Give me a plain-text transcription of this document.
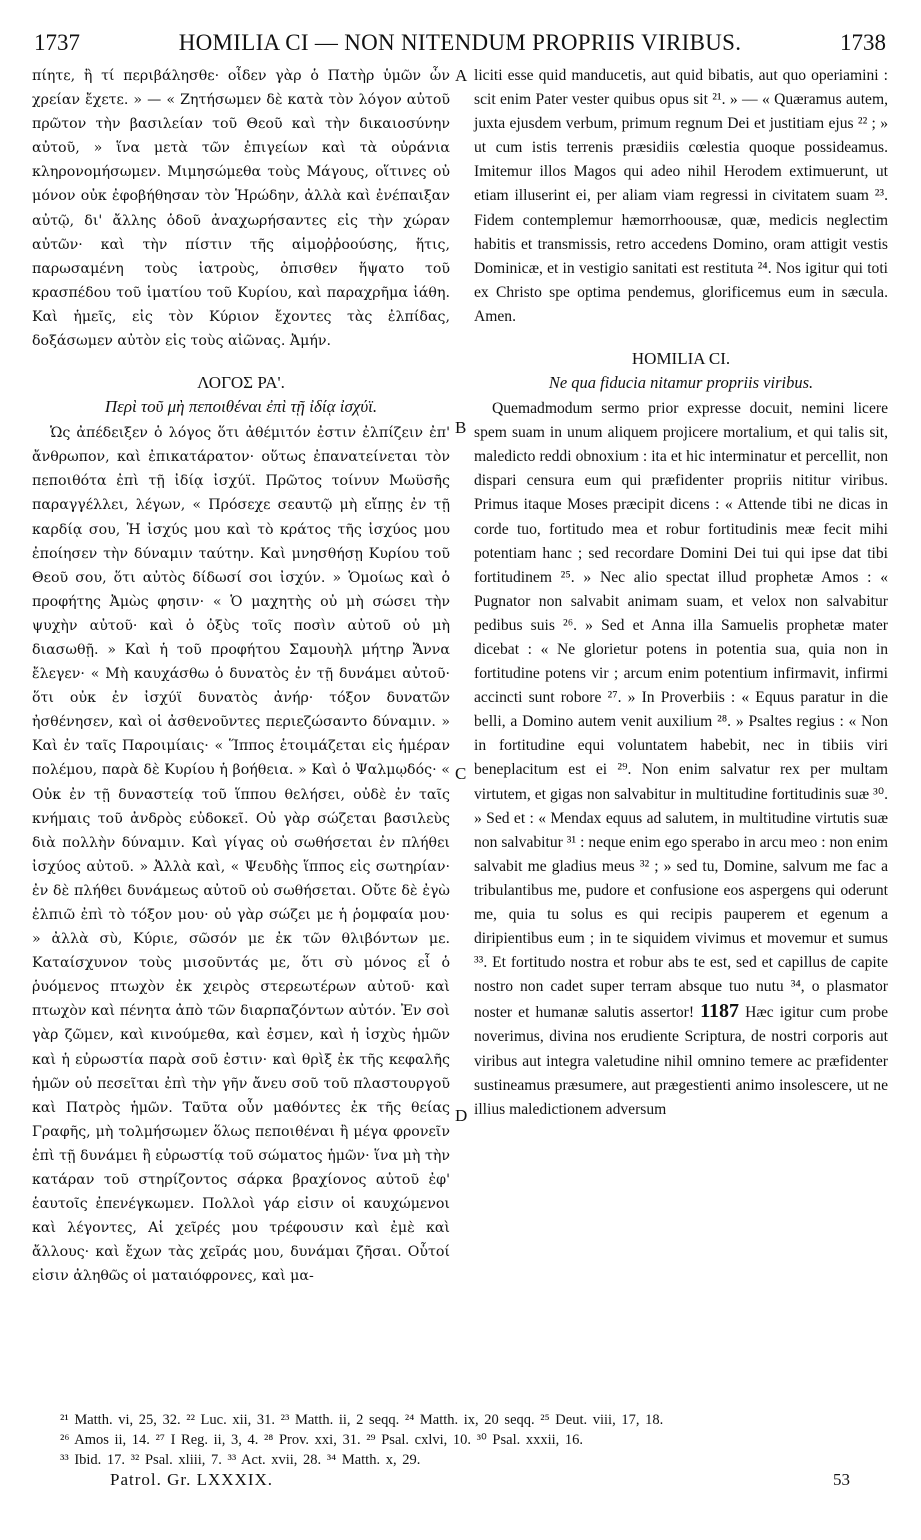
1737	HOMILIA CI — NON NITENDUM PROPRIIS VIRIBUS.	1738
A
B
C
D

πίητε, ἢ τί περιβάλησθε· οἶδεν γὰρ ὁ Πατὴρ ὑμῶν ὧν χρείαν ἔχετε. » — « Ζητήσωμεν δὲ κατὰ τὸν λόγον αὐτοῦ πρῶτον τὴν βασιλείαν τοῦ Θεοῦ καὶ τὴν δικαιοσύνην αὐτοῦ, » ἵνα μετὰ τῶν ἐπιγείων καὶ τὰ οὐράνια κληρονομήσωμεν. Μιμησώμεθα τοὺς Μάγους, οἵτινες οὐ μόνον οὐκ ἐφοβήθησαν τὸν Ἡρώδην, ἀλλὰ καὶ ἐνέπαιξαν αὐτῷ, δι' ἄλλης ὁδοῦ ἀναχωρήσαντες εἰς τὴν χώραν αὐτῶν· καὶ τὴν πίστιν τῆς αἱμοῤῥοούσης, ἥτις, παρωσαμένη τοὺς ἰατροὺς, ὀπισθεν ἥψατο τοῦ κρασπέδου τοῦ ἱματίου τοῦ Κυρίου, καὶ παραχρῆμα ἰάθη. Καὶ ἡμεῖς, εἰς τὸν Κύριον ἔχοντες τὰς ἐλπίδας, δοξάσωμεν αὐτὸν εἰς τοὺς αἰῶνας. Ἀμήν.

ΛΟΓΟΣ ΡΑ'.
Περὶ τοῦ μὴ πεποιθέναι ἐπὶ τῇ ἰδίᾳ ἰσχύϊ.

Ὡς ἀπέδειξεν ὁ λόγος ὅτι ἀθέμιτόν ἐστιν ἐλπίζειν ἐπ' ἄνθρωπον, καὶ ἐπικατάρατον· οὕτως ἐπανατείνεται τὸν πεποιθότα ἐπὶ τῇ ἰδίᾳ ἰσχύϊ. Πρῶτος τοίνυν Μωϋσῆς παραγγέλλει, λέγων, « Πρόσεχε σεαυτῷ μὴ εἴπῃς ἐν τῇ καρδίᾳ σου, Ἡ ἰσχύς μου καὶ τὸ κράτος τῆς ἰσχύος μου ἐποίησεν τὴν δύναμιν ταύτην. Καὶ μνησθήσῃ Κυρίου τοῦ Θεοῦ σου, ὅτι αὐτὸς δίδωσί σοι ἰσχύν. » Ὁμοίως καὶ ὁ προφήτης Ἀμὼς φησιν· « Ὁ μαχητὴς οὐ μὴ σώσει τὴν ψυχὴν αὐτοῦ· καὶ ὁ ὀξὺς τοῖς ποσὶν αὐτοῦ οὐ μὴ διασωθῇ. » Καὶ ἡ τοῦ προφήτου Σαμουὴλ μήτηρ Ἄννα ἔλεγεν· « Μὴ καυχάσθω ὁ δυνατὸς ἐν τῇ δυνάμει αὐτοῦ· ὅτι οὐκ ἐν ἰσχύϊ δυνατὸς ἀνήρ· τόξον δυνατῶν ἠσθένησεν, καὶ οἱ ἀσθενοῦντες περιεζώσαντο δύναμιν. » Καὶ ἐν ταῖς Παροιμίαις· « Ἵππος ἑτοιμάζεται εἰς ἡμέραν πολέμου, παρὰ δὲ Κυρίου ἡ βοήθεια. » Καὶ ὁ Ψαλμῳδός· « Οὐκ ἐν τῇ δυναστείᾳ τοῦ ἵππου θελήσει, οὐδὲ ἐν ταῖς κνήμαις τοῦ ἀνδρὸς εὐδοκεῖ. Οὐ γὰρ σώζεται βασιλεὺς διὰ πολλὴν δύναμιν. Καὶ γίγας οὐ σωθήσεται ἐν πλήθει ἰσχύος αὐτοῦ. » Ἀλλὰ καὶ, « Ψευδὴς ἵππος εἰς σωτηρίαν· ἐν δὲ πλήθει δυνάμεως αὐτοῦ οὐ σωθήσεται. Οὔτε δὲ ἐγὼ ἐλπιῶ ἐπὶ τὸ τόξον μου· οὐ γὰρ σώζει με ἡ ῥομφαία μου· » ἀλλὰ σὺ, Κύριε, σῶσόν με ἐκ τῶν θλιβόντων με. Καταίσχυνον τοὺς μισοῦντάς με, ὅτι σὺ μόνος εἶ ὁ ῥυόμενος πτωχὸν ἐκ χειρὸς στερεωτέρων αὐτοῦ· καὶ πτωχὸν καὶ πένητα ἀπὸ τῶν διαρπαζόντων αὐτόν. Ἐν σοὶ γὰρ ζῶμεν, καὶ κινούμεθα, καὶ ἐσμεν, καὶ ἡ ἰσχὺς ἡμῶν καὶ ἡ εὐρωστία παρὰ σοῦ ἐστιν· καὶ θρὶξ ἐκ τῆς κεφαλῆς ἡμῶν οὐ πεσεῖται ἐπὶ τὴν γῆν ἄνευ σοῦ τοῦ πλαστουργοῦ καὶ Πατρὸς ἡμῶν. Ταῦτα οὖν μαθόντες ἐκ τῆς θείας Γραφῆς, μὴ τολμήσωμεν ὅλως πεποιθέναι ἢ μέγα φρονεῖν ἐπὶ τῇ δυνάμει ἢ εὐρωστίᾳ τοῦ σώματος ἡμῶν· ἵνα μὴ τὴν κατάραν τοῦ στηρίζοντος σάρκα βραχίονος αὐτοῦ ἐφ' ἑαυτοῖς ἐπενέγκωμεν. Πολλοὶ γάρ εἰσιν οἱ καυχώμενοι καὶ λέγοντες, Αἱ χεῖρές μου τρέφουσιν καὶ ἐμὲ καὶ ἄλλους· καὶ ἔχων τὰς χεῖράς μου, δυνάμαι ζῆσαι. Οὗτοί εἰσιν ἀληθῶς οἱ ματαιόφρονες, καὶ μα-

liciti esse quid manducetis, aut quid bibatis, aut quo operiamini : scit enim Pater vester quibus opus sit ²¹. » — « Quæramus autem, juxta ejusdem verbum, primum regnum Dei et justitiam ejus ²² ; » ut cum istis terrenis præsidiis cœlestia quoque possideamus. Imitemur illos Magos qui adeo nihil Herodem extimuerunt, ut etiam illuserint ei, per aliam viam regressi in civitatem suam ²³. Fidem contemplemur hæmorrhoousæ, quæ, medicis neglectim habitis et transmissis, retro accedens Domino, oram attigit vestis Dominicæ, et in vestigio sanitati est restituta ²⁴. Nos igitur qui toti ex Christo spe optima pendemus, glorificemus eum in sæcula. Amen.

HOMILIA CI.
Ne qua fiducia nitamur propriis viribus.

Quemadmodum sermo prior expresse docuit, nemini licere spem suam in unum aliquem projicere mortalium, et qui talis sit, maledicto reddi obnoxium : ita et hic interminatur et percellit, non dispari censura eum qui præfidenter propriis nititur viribus. Primus itaque Moses præcipit dicens : « Attende tibi ne dicas in corde tuo, fortitudo mea et robur fortitudinis meæ fecit mihi potentiam hanc ; sed recordare Domini Dei tui qui ipse dat tibi fortitudinem ²⁵. » Nec alio spectat illud prophetæ Amos : « Pugnator non salvabit animam suam, et velox non salvabitur pedibus suis ²⁶. » Sed et Anna illa Samuelis prophetæ mater dicebat : « Ne glorietur potens in potentia sua, quia non in fortitudine potens vir ; arcum enim potentium infirmavit, infirmi accincti sunt robore ²⁷. » In Proverbiis : « Equus paratur in die belli, a Domino autem venit auxilium ²⁸. » Psaltes regius : « Non in fortitudine equi voluntatem habebit, nec in tibiis viri beneplacitum est ei ²⁹. Non enim salvatur rex per multam virtutem, et gigas non salvabitur in multitudine fortitudinis suæ ³⁰. » Sed et : « Mendax equus ad salutem, in multitudine virtutis suæ non salvabitur ³¹ : neque enim ego sperabo in arcu meo : non enim salvabit me gladius meus ³² ; » sed tu, Domine, salvum me fac a tribulantibus me, pudore et confusione eos aspergens qui oderunt me, quia tu solus es qui recipis pauperem et egenum a diripientibus eum ; in te siquidem vivimus et movemur et sumus ³³. Et fortitudo nostra et robur abs te est, sed et capillus de capite nostro non cadet super terram absque tuo nutu ³⁴, o plasmator noster et humanæ salutis assertor! 1187 Hæc igitur cum probe noverimus, divina nos erudiente Scriptura, de nostri corporis aut viribus aut integra valetudine nihil omnino temere ac præfidenter sustineamus præsumere, aut prægestienti animo insolescere, ut ne illius maledictionem adversum

²¹ Matth. vi, 25, 32. ²² Luc. xii, 31. ²³ Matth. ii, 2 seqq. ²⁴ Matth. ix, 20 seqq. ²⁵ Deut. viii, 17, 18.
²⁶ Amos ii, 14. ²⁷ I Reg. ii, 3, 4. ²⁸ Prov. xxi, 31. ²⁹ Psal. cxlvi, 10. ³⁰ Psal. xxxii, 16.
³³ Ibid. 17. ³² Psal. xliii, 7. ³³ Act. xvii, 28. ³⁴ Matth. x, 29.
Patrol. Gr. LXXXIX.	53
